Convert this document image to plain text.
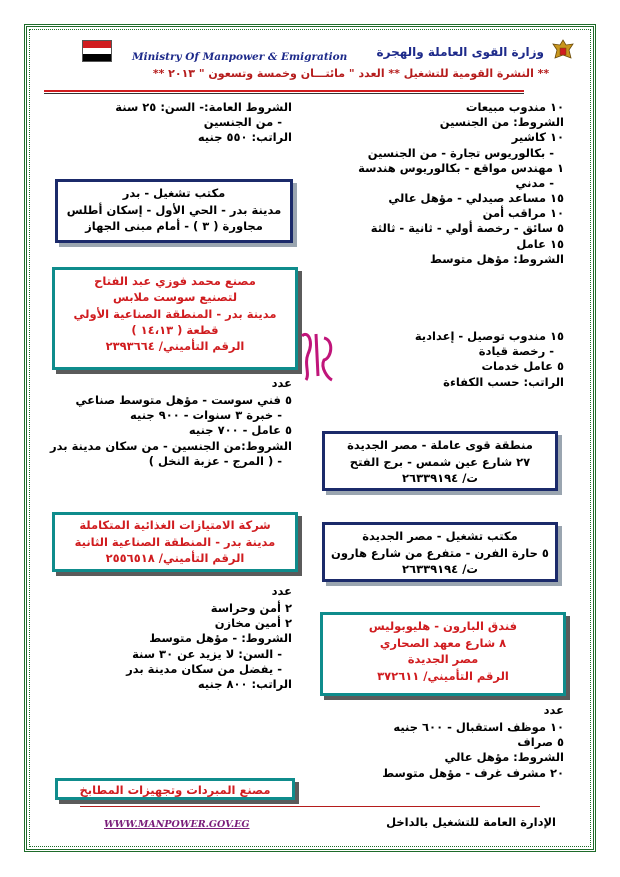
Ministry Of Manpower & Emigration وزارة القوى العاملة والهجرة
** النشرة القومية للتشغيل ** العدد " مائتـــان وخمسة وتسعون " ٢٠١٣ **
١٠ مندوب مبيعات
الشروط: من الجنسين
١٠ كاشير
- بكالوريوس تجارة - من الجنسين
١ مهندس مواقع - بكالوريوس هندسة
- مدني
١٥ مساعد صيدلي - مؤهل عالي
١٠ مراقب أمن
٥ سائق - رخصة أولي - ثانية - ثالثة
١٥ عامل
الشروط: مؤهل متوسط
١٥ مندوب توصيل - إعدادية
- رخصة قيادة
٥ عامل خدمات
الراتب: حسب الكفاءة
منطقة قوى عاملة - مصر الجديدة
٢٧ شارع عين شمس - برج الفتح
ت/ ٢٦٣٣٩١٩٤
مكتب تشغيل - مصر الجديدة
٥ حارة الفرن - متفرع من شارع هارون
ت/ ٢٦٣٣٩١٩٤
فندق البارون - هليوبوليس
٨ شارع معهد الصحاري
مصر الجديدة
الرقم التأميني/ ٣٧٢٦١١
عدد
١٠ موظف استقبال - ٦٠٠ جنيه
٥ صراف
الشروط: مؤهل عالي
٢٠ مشرف غرف - مؤهل متوسط
الشروط العامة:- السن: ٢٥ سنة
- من الجنسين
الراتب: ٥٥٠ جنيه
مكتب تشغيل - بدر
مدينة بدر - الحي الأول - إسكان أطلس
مجاورة ( ٣ ) - أمام مبنى الجهاز
مصنع محمد فوزي عبد الفتاح
لتصنيع سوست ملابس
مدينة بدر - المنطقة الصناعية الأولي
قطعة ( ١٤،١٣ )
الرقم التأميني/ ٢٣٩٣٦٦٤
عدد
٥ فني سوست - مؤهل متوسط صناعي
- خبرة ٣ سنوات - ٩٠٠ جنيه
٥ عامل - ٧٠٠ جنيه
الشروط:من الجنسين - من سكان مدينة بدر
- ( المرج - عزبة النخل )
شركة الامتيازات الغذائية المتكاملة
مدينة بدر - المنطقة الصناعية الثانية
الرقم التأميني/ ٢٥٥٦٥١٨
عدد
٢ أمن وحراسة
٢ أمين مخازن
الشروط: - مؤهل متوسط
- السن: لا يزيد عن ٣٠ سنة
- يفضل من سكان مدينة بدر
الراتب: ٨٠٠ جنيه
مصنع المبردات وتجهيزات المطابخ
WWW.MANPOWER.GOV.EG	الإدارة العامة للتشغيل بالداخل
